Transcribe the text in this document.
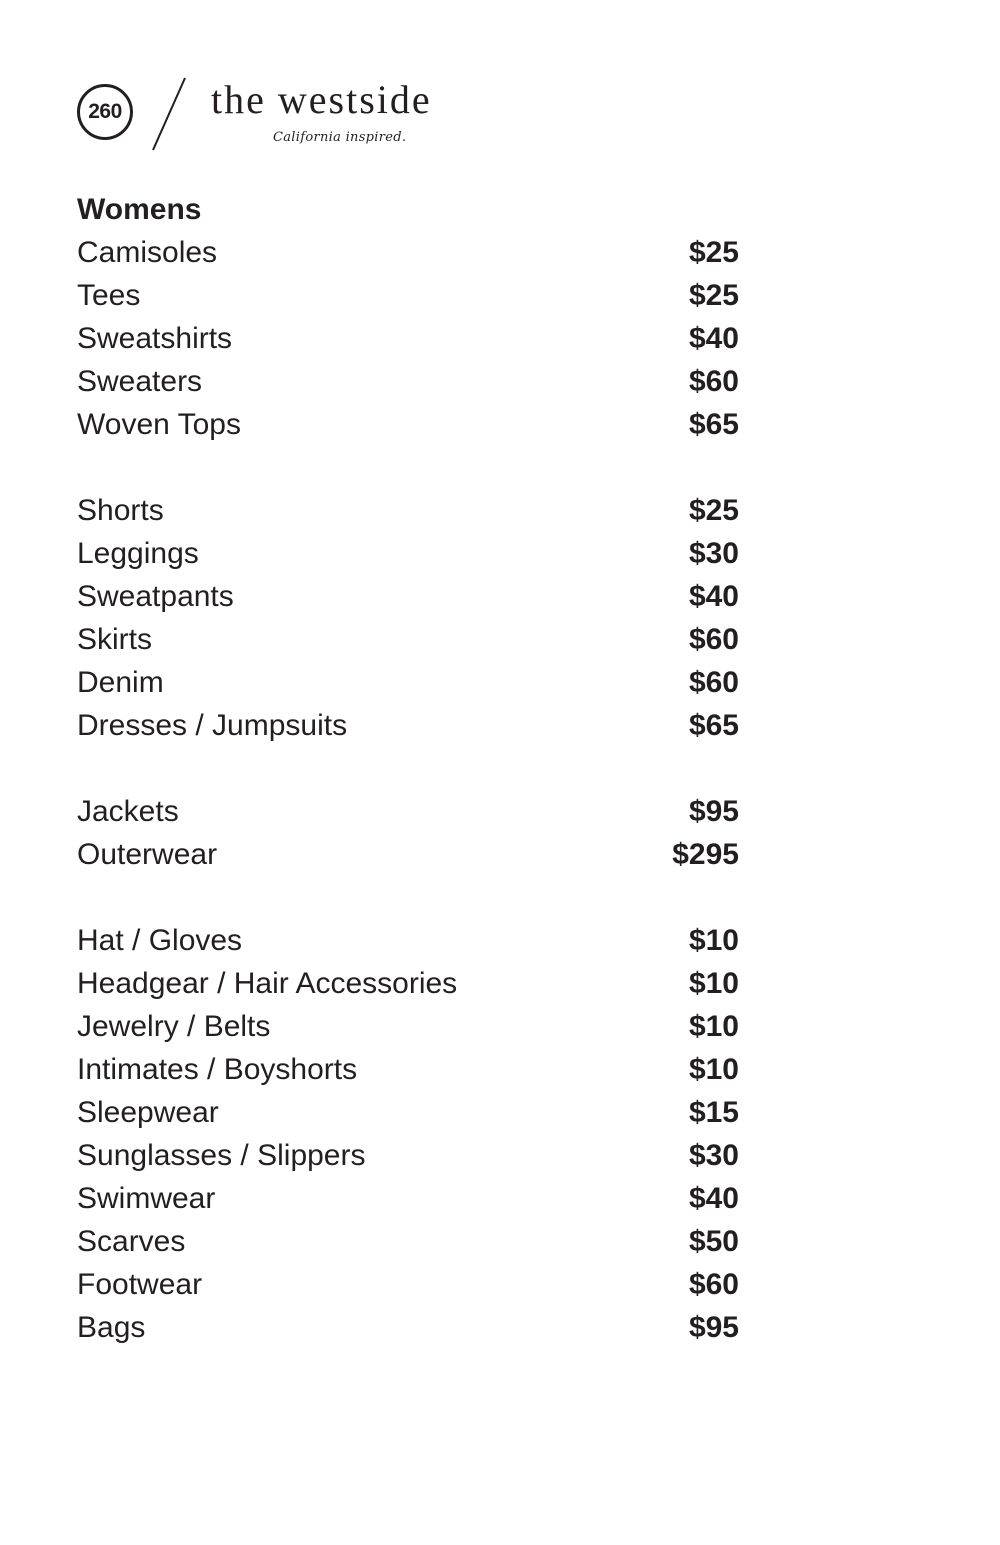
260 the westside
California inspired.
Womens
Camisoles	$25
Tees	$25
Sweatshirts	$40
Sweaters	$60
Woven Tops	$65
Shorts	$25
Leggings	$30
Sweatpants	$40
Skirts	$60
Denim	$60
Dresses / Jumpsuits	$65
Jackets	$95
Outerwear	$295
Hat / Gloves	$10
Headgear / Hair Accessories	$10
Jewelry / Belts	$10
Intimates / Boyshorts	$10
Sleepwear	$15
Sunglasses / Slippers	$30
Swimwear	$40
Scarves	$50
Footwear	$60
Bags	$95
